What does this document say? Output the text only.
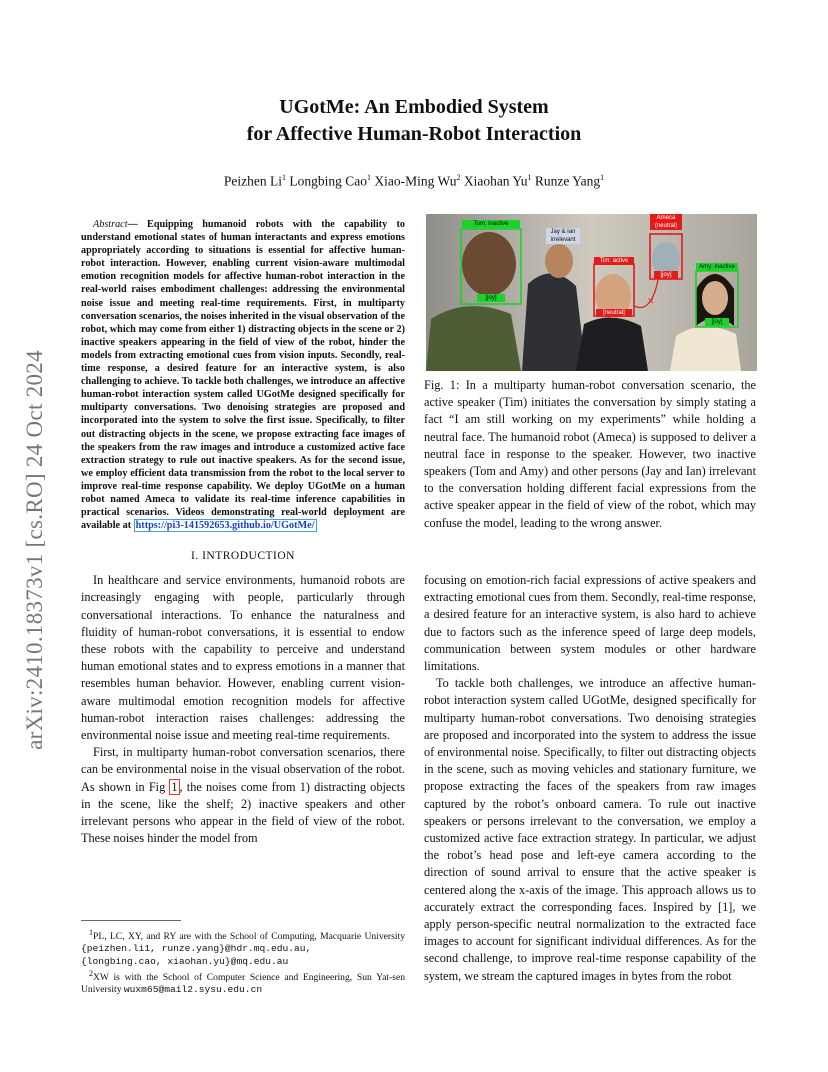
arXiv:2410.18373v1 [cs.RO] 24 Oct 2024
UGotMe: An Embodied System
for Affective Human-Robot Interaction
Peizhen Li$^1$ Longbing Cao$^1$ Xiao-Ming Wu$^2$ Xiaohan Yu$^1$ Runze Yang$^1$

Abstract— Equipping humanoid robots with the capability to understand emotional states of human interactants and express emotions appropriately according to situations is essential for affective human-robot interaction. However, enabling current vision-aware multimodal emotion recognition models for affective human-robot interaction in the real-world raises embodiment challenges: addressing the environmental noise issue and meeting real-time requirements. First, in multiparty conversation scenarios, the noises inherited in the visual observation of the robot, which may come from either 1) distracting objects in the scene or 2) inactive speakers appearing in the field of view of the robot, hinder the models from extracting emotional cues from vision inputs. Secondly, real-time response, a desired feature for an interactive system, is also challenging to achieve. To tackle both challenges, we introduce an affective human-robot interaction system called UGotMe designed specifically for multiparty conversations. Two denoising strategies are proposed and incorporated into the system to solve the first issue. Specifically, to filter out distracting objects in the scene, we propose extracting face images of the speakers from the raw images and introduce a customized active face extraction strategy to rule out inactive speakers. As for the second issue, we employ efficient data transmission from the robot to the local server to improve real-time response capability. We deploy UGotMe on a human robot named Ameca to validate its real-time inference capabilities in practical scenarios. Videos demonstrating real-world deployment are available at https://pi3-141592653.github.io/UGotMe/

I. INTRODUCTION

In healthcare and service environments, humanoid robots are increasingly engaging with people, particularly through conversational interactions. To enhance the naturalness and fluidity of human-robot conversations, it is essential to endow these robots with the capability to perceive and understand human emotional states and to express emotions in a manner that resembles human behavior. However, enabling current vision-aware multimodal emotion recognition models for affective human-robot interaction raises challenges: addressing the environmental noise issue and meeting real-time requirements.

First, in multiparty human-robot conversation scenarios, there can be environmental noise in the visual observation of the robot. As shown in Fig 1 , the noises come from 1) distracting objects in the scene, like the shelf; 2) inactive speakers and other irrelevant persons who appear in the field of view of the robot. These noises hinder the model from

$^1$PL, LC, XY, and RY are with the School of Computing, Macquarie University {peizhen.li1, runze.yang}@hdr.mq.edu.au,
{longbing.cao, xiaohan.yu}@mq.edu.au
$^2$XW is with the School of Computer Science and Engineering, Sun Yat-sen University wuxm65@mail2.sysu.edu.cn
✕
Tom: inactive
Jay & Ian
irrelevant
Ameca
(neutral)
Tim: active
Amy: inactive
[joy]
[neutral]
[joy]
[joy]
Fig. 1: In a multiparty human-robot conversation scenario, the active speaker (Tim) initiates the conversation by simply stating a fact “I am still working on my experiments” while holding a neutral face. The humanoid robot (Ameca) is supposed to deliver a neutral face in response to the speaker. However, two inactive speakers (Tom and Amy) and other persons (Jay and Ian) irrelevant to the conversation holding different facial expressions from the active speaker appear in the field of view of the robot, which may confuse the model, leading to the wrong answer.

focusing on emotion-rich facial expressions of active speakers and extracting emotional cues from them. Secondly, real-time response, a desired feature for an interactive system, is also hard to achieve due to factors such as the inference speed of large deep models, communication between system modules or other hardware limitations.

To tackle both challenges, we introduce an affective human-robot interaction system called UGotMe, designed specifically for multiparty human-robot conversations. Two denoising strategies are proposed and incorporated into the system to address the issue of environmental noise. Specifically, to filter out distracting objects in the scene, such as moving vehicles and stationary furniture, we propose extracting the faces of the speakers from raw images captured by the robot’s onboard camera. To rule out inactive speakers or persons irrelevant to the conversation, we employ a customized active face extraction strategy. In particular, we adjust the robot’s head pose and left-eye camera according to the direction of sound arrival to ensure that the active speaker is centered along the x-axis of the image. This approach allows us to accurately extract the corresponding faces. Inspired by [1], we apply person-specific neutral normalization to the extracted face images to account for significant individual differences. As for the second challenge, to improve real-time response capability of the system, we stream the captured images in bytes from the robot
